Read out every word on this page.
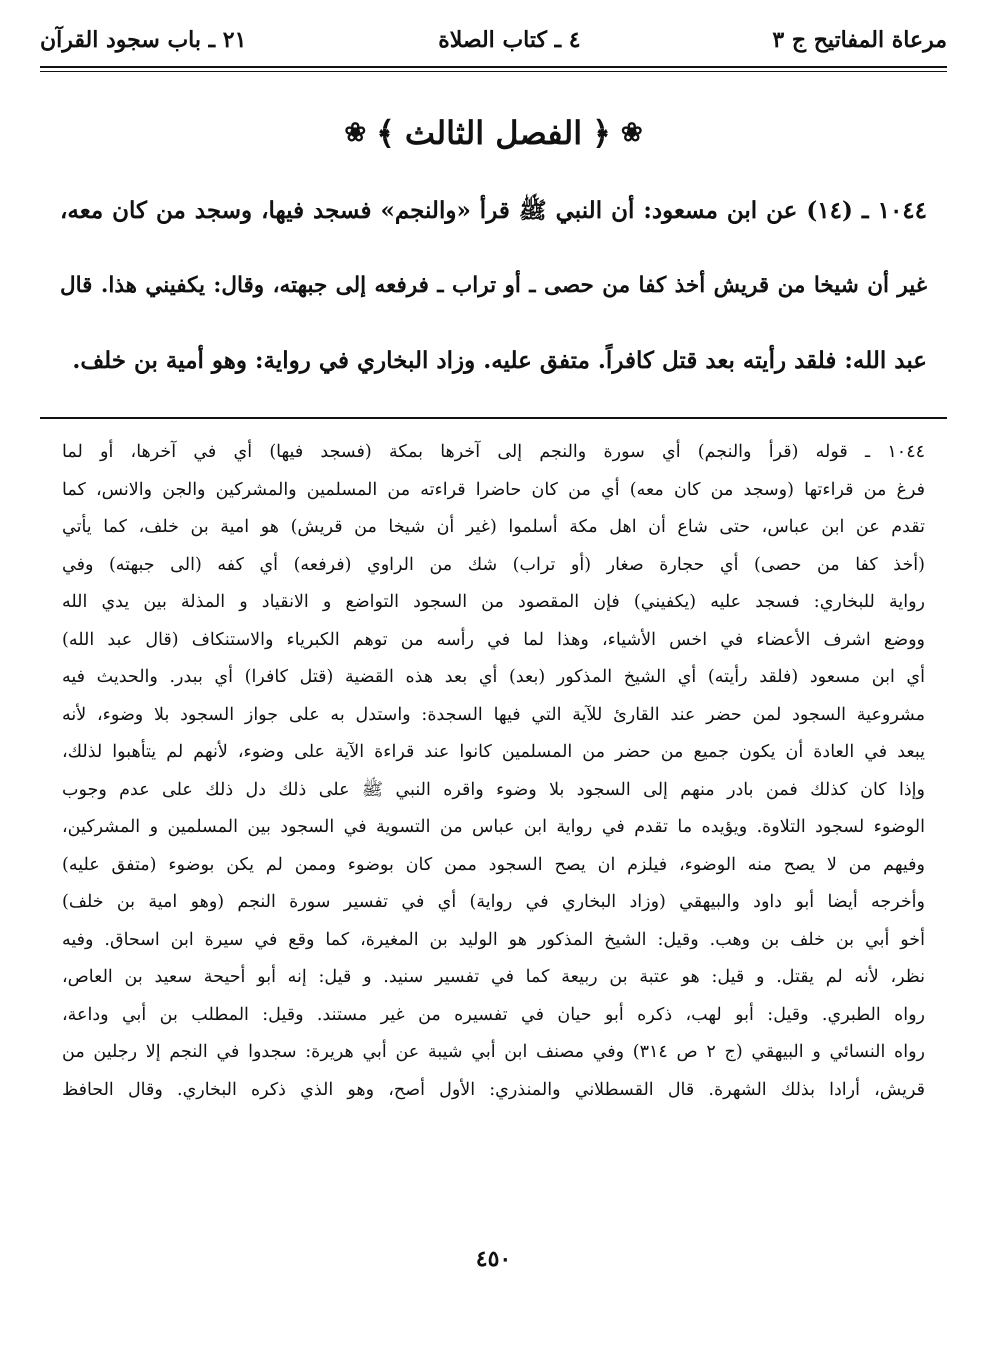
مرعاة المفاتيح ج ٣
٤ ـ كتاب الصلاة
٢١ ـ باب سجود القرآن
❀
﴿
الفصل الثالث
﴾
❀
١٠٤٤ ـ (١٤) عن ابن مسعود: أن النبي ﷺ قرأ «والنجم» فسجد فيها، وسجد من كان معه،
غير أن شيخا من قريش أخذ كفا من حصى ـ أو تراب ـ فرفعه إلى جبهته، وقال: يكفيني هذا. قال
عبد الله: فلقد رأيته بعد قتل كافراً. متفق عليه. وزاد البخاري في رواية: وهو أمية بن خلف.
١٠٤٤ ـ قوله (قرأ والنجم) أي سورة والنجم إلى آخرها بمكة (فسجد فيها) أي في آخرها، أو لما
فرغ من قراءتها (وسجد من كان معه) أي من كان حاضرا قراءته من المسلمين والمشركين والجن والانس، كما
تقدم عن ابن عباس، حتى شاع أن اهل مكة أسلموا (غير أن شيخا من قريش) هو امية بن خلف، كما يأتي
(أخذ كفا من حصى) أي حجارة صغار (أو تراب) شك من الراوي (فرفعه) أي كفه (الى جبهته) وفي
رواية للبخاري: فسجد عليه (يكفيني) فإن المقصود من السجود التواضع و الانقياد و المذلة بين يدي الله
ووضع اشرف الأعضاء في اخس الأشياء، وهذا لما في رأسه من توهم الكبرياء والاستنكاف (قال عبد الله)
أي ابن مسعود (فلقد رأيته) أي الشيخ المذكور (بعد) أي بعد هذه القضية (قتل كافرا) أي ببدر. والحديث فيه
مشروعية السجود لمن حضر عند القارئ للآية التي فيها السجدة: واستدل به على جواز السجود بلا وضوء، لأنه
يبعد في العادة أن يكون جميع من حضر من المسلمين كانوا عند قراءة الآية على وضوء، لأنهم لم يتأهبوا لذلك،
وإذا كان كذلك فمن بادر منهم إلى السجود بلا وضوء واقره النبي ﷺ على ذلك دل ذلك على عدم وجوب
الوضوء لسجود التلاوة. ويؤيده ما تقدم في رواية ابن عباس من التسوية في السجود بين المسلمين و المشركين،
وفيهم من لا يصح منه الوضوء، فيلزم ان يصح السجود ممن كان بوضوء وممن لم يكن بوضوء (متفق عليه)
وأخرجه أيضا أبو داود والبيهقي (وزاد البخاري في رواية) أي في تفسير سورة النجم (وهو امية بن خلف)
أخو أبي بن خلف بن وهب. وقيل: الشيخ المذكور هو الوليد بن المغيرة، كما وقع في سيرة ابن اسحاق. وفيه
نظر، لأنه لم يقتل. و قيل: هو عتبة بن ربيعة كما في تفسير سنيد. و قيل: إنه أبو أحيحة سعيد بن العاص،
رواه الطبري. وقيل: أبو لهب، ذكره أبو حيان في تفسيره من غير مستند. وقيل: المطلب بن أبي وداعة،
رواه النسائي و البيهقي (ج ٢ ص ٣١٤) وفي مصنف ابن أبي شيبة عن أبي هريرة: سجدوا في النجم إلا رجلين من
قريش، أرادا بذلك الشهرة. قال القسطلاني والمنذري: الأول أصح، وهو الذي ذكره البخاري. وقال الحافظ
٤٥٠
